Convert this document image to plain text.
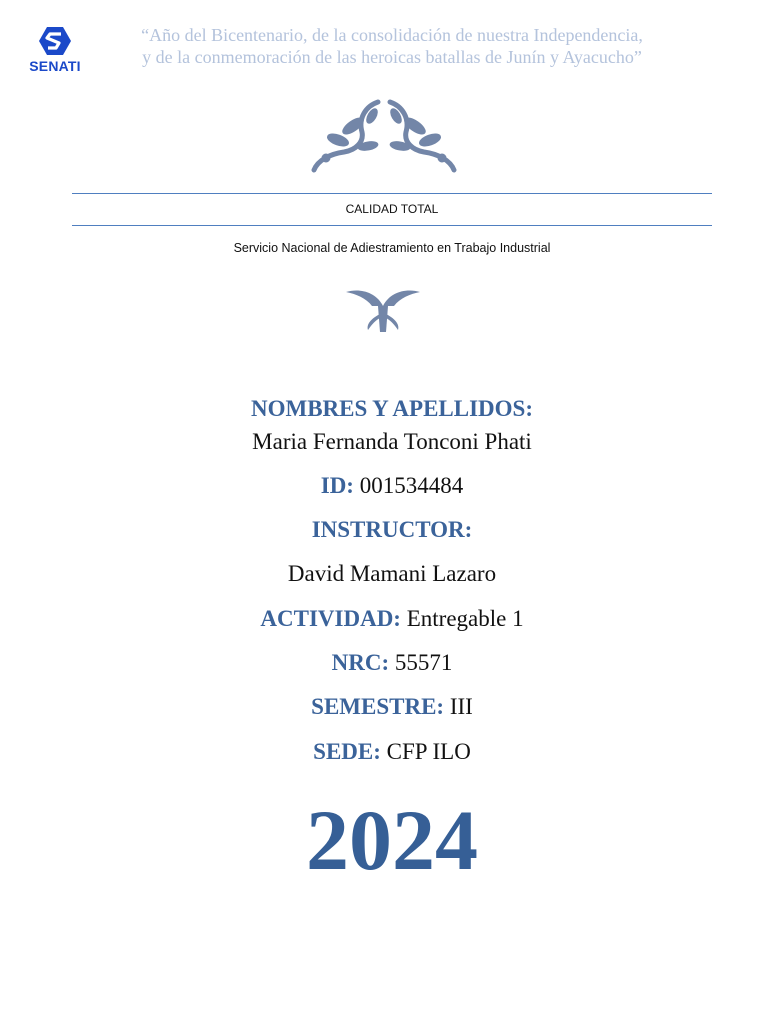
SENATI
“Año del Bicentenario, de la consolidación de nuestra Independencia,
y de la conmemoración de las heroicas batallas de Junín y Ayacucho”
CALIDAD TOTAL
Servicio Nacional de Adiestramiento en Trabajo Industrial
NOMBRES Y APELLIDOS:
Maria Fernanda Tonconi Phati
ID: 001534484
INSTRUCTOR:
David Mamani Lazaro
ACTIVIDAD: Entregable 1
NRC: 55571
SEMESTRE: III
SEDE: CFP ILO
2024
